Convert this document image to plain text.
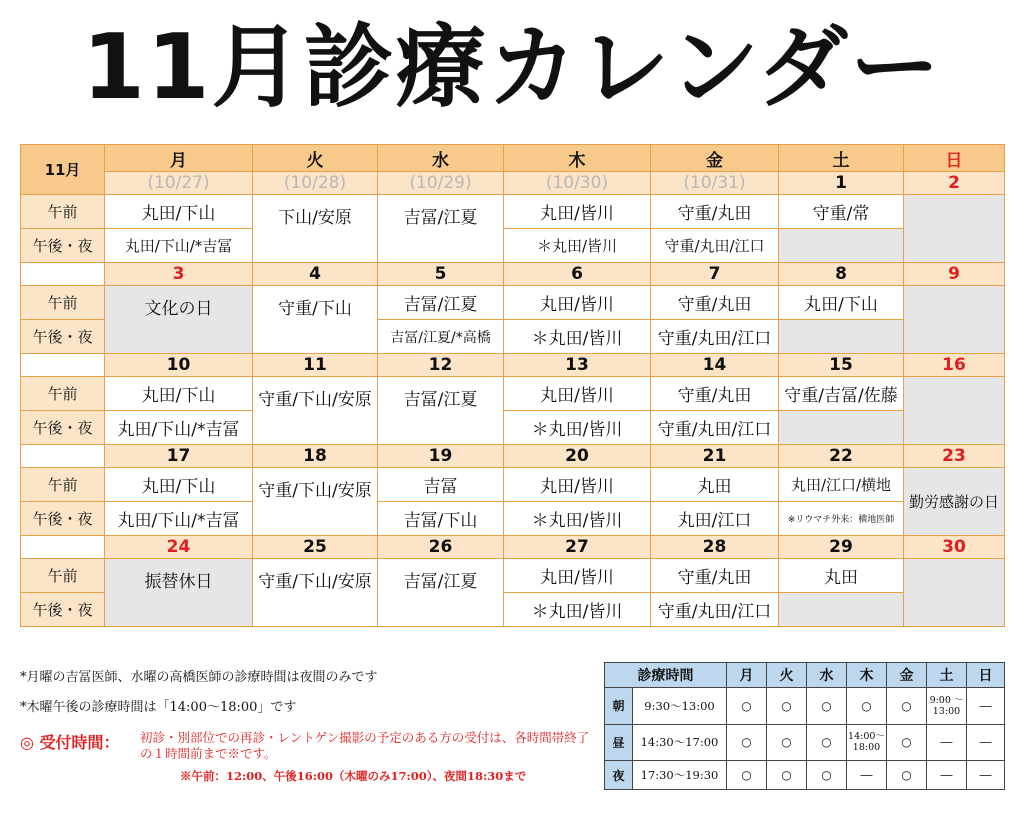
11月診療カレンダー
11月	月	火	水	木	金	土	日
	(10/27)	(10/28)	(10/29)	(10/30)	(10/31)	1	2
午前	丸田/下山	下山/安原	吉冨/江夏	丸田/皆川	守重/丸田	守重/常	
午後・夜	丸田/下山/*吉冨			＊丸田/皆川	守重/丸田/江口		
	3	4	5	6	7	8	9
午前	文化の日	守重/下山	吉冨/江夏	丸田/皆川	守重/丸田	丸田/下山	
午後・夜			吉冨/江夏/*高橋	＊丸田/皆川	守重/丸田/江口		
	10	11	12	13	14	15	16
午前	丸田/下山	守重/下山/安原	吉冨/江夏	丸田/皆川	守重/丸田	守重/吉冨/佐藤	
午後・夜	丸田/下山/*吉冨			＊丸田/皆川	守重/丸田/江口		
	17	18	19	20	21	22	23
午前	丸田/下山	守重/下山/安原	吉冨	丸田/皆川	丸田	丸田/江口/横地	勤労感謝の日
午後・夜	丸田/下山/*吉冨		吉冨/下山	＊丸田/皆川	丸田/江口	※リウマチ外来：横地医師	
	24	25	26	27	28	29	30
午前	振替休日	守重/下山/安原	吉冨/江夏	丸田/皆川	守重/丸田	丸田	
午後・夜				＊丸田/皆川	守重/丸田/江口		
*月曜の吉冨医師、水曜の高橋医師の診療時間は夜間のみです
*木曜午後の診療時間は「14:00～18:00」です
◎ 受付時間： 初診・別部位での再診・レントゲン撮影の予定のある方の受付は、各時間帯終了の１時間前まで※です。
※午前：12:00、午後16:00（木曜のみ17:00）、夜間18:30まで
診療時間		月	火	水	木	金	土	日
朝	9:30～13:00	○	○	○	○	○	9:00 ～ 13:00	―
昼	14:30～17:00	○	○	○	14:00～ 18:00	○	―	―
夜	17:30～19:30	○	○	○	―	○	―	―
